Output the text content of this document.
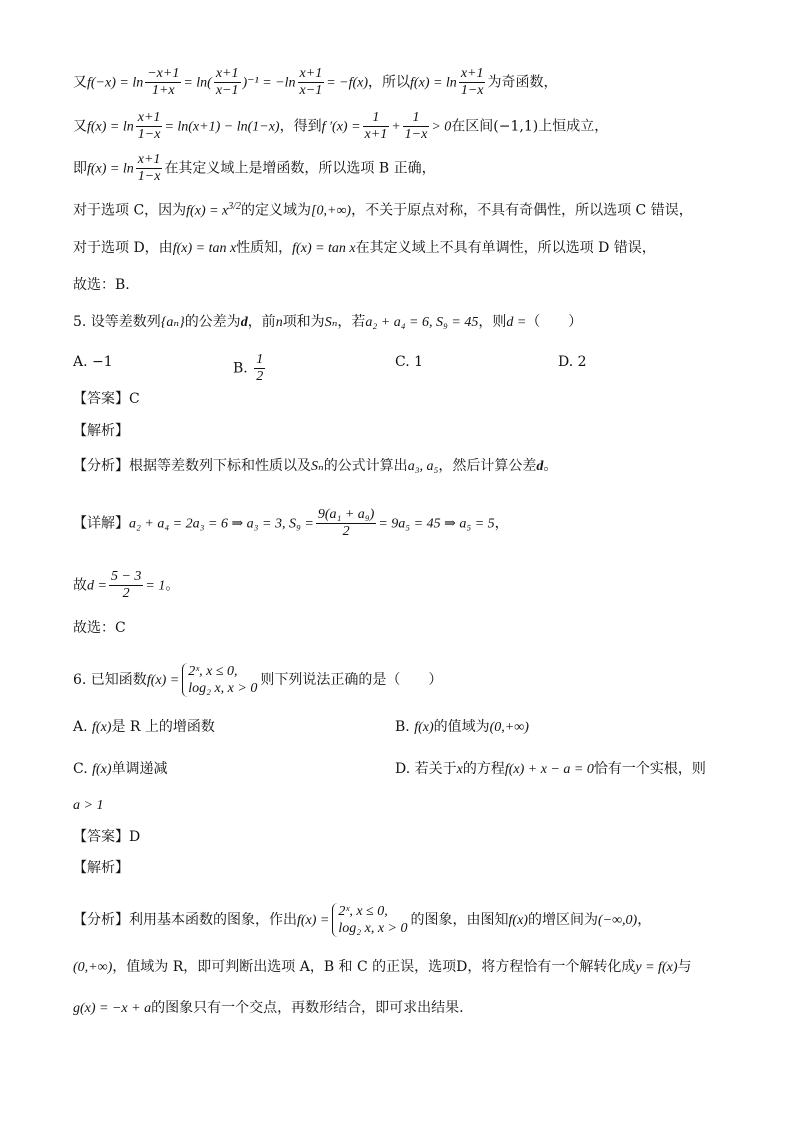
又$f(-x) = \ln \frac{-x+1}{1+x} = \ln( \frac{x+1}{x-1} )^{-1} = -\ln \frac{x+1}{x-1} = -f(x)$，所以$f(x) = \ln \frac{x+1}{1-x}$ 为奇函数，
又$f(x) = \ln \frac{x+1}{1-x} = \ln(x+1) - \ln(1-x)$，得到f $'(x) = \frac{1}{x+1} + \frac{1}{1-x} > 0$在区间(−1,1)上恒成立，
即$f(x) = \ln \frac{x+1}{1-x}$ 在其定义域上是增函数，所以选项 B 正确，
对于选项 C，因为$f(x) = x^{3/2}$的定义域为[0,+∞)，不关于原点对称，不具有奇偶性，所以选项 C 错误，
对于选项 D，由f(x) = tan x性质知，f(x) = tan x在其定义域上不具有单调性，所以选项 D 错误，
故选：B.
5. 设等差数列{aₙ}的公差为d，前n项和为Sₙ，若a₂ + a₄ = 6, S₉ = 45，则d =（　　）
A. −1	B. $\frac{1}{2}$	C. 1	D. 2
【答案】C
【解析】
【分析】根据等差数列下标和性质以及Sₙ的公式计算出a₃, a₅，然后计算公差d。
【详解】a₂ + a₄ = 2a₃ = 6 ⇒ a₃ = 3, $S_9 = \frac{\text{9(a₁ + a₉)}}{2} = 9a_5 = 45$ ⇒ a₅ = 5，
故$d = \frac{5 - 3}{2} = 1$。
故选：C
6. 已知函数f(x) =
2ˣ, x ≤ 0,
log₂ x, x > 0
则下列说法正确的是（　　）
A. f(x)是 R 上的增函数	B. f(x)的值域为(0,+∞)
C. f(x)单调递减	D. 若关于x的方程f(x) + x − a = 0恰有一个实根，则
a > 1
【答案】D
【解析】
【分析】利用基本函数的图象，作出f(x) =
2ˣ, x ≤ 0,
log₂ x, x > 0
的图象，由图知f(x)的增区间为(−∞,0)，
(0,+∞)，值域为 R，即可判断出选项 A，B 和 C 的正误，选项D，将方程恰有一个解转化成y = f(x)与
g(x) = −x + a的图象只有一个交点，再数形结合，即可求出结果.
